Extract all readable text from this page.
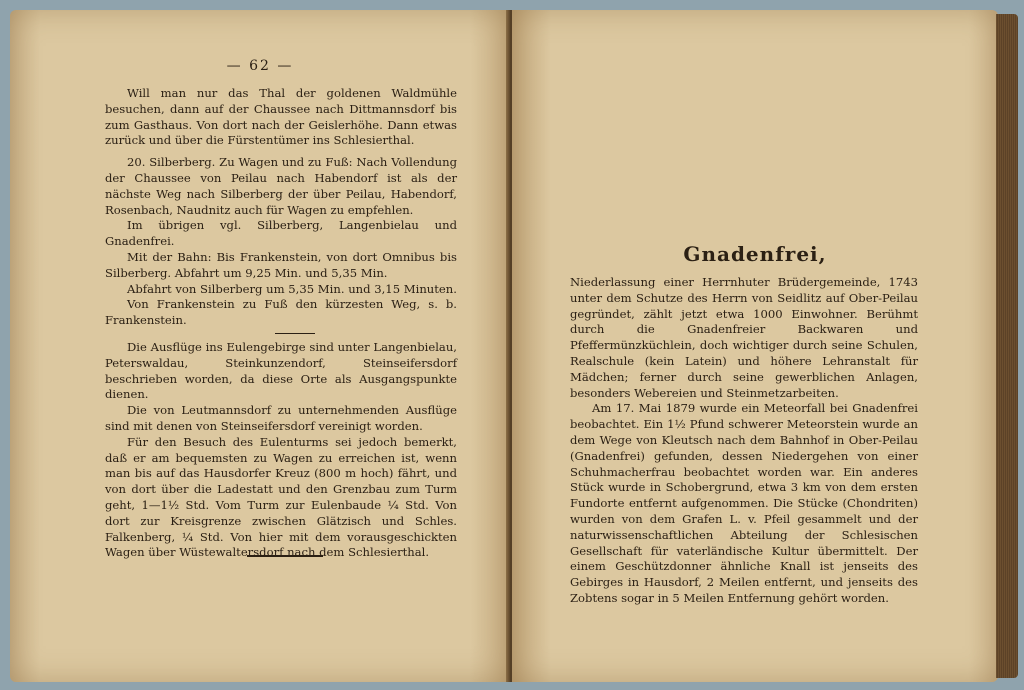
— 62 —

Will man nur das Thal der goldenen Waldmühle besuchen, dann auf der Chaussee nach Dittmannsdorf bis zum Gasthaus. Von dort nach der Geislerhöhe. Dann etwas zurück und über die Fürstentümer ins Schlesierthal.

20. Silberberg. Zu Wagen und zu Fuß: Nach Vollendung der Chaussee von Peilau nach Habendorf ist als der nächste Weg nach Silberberg der über Peilau, Habendorf, Rosenbach, Naudnitz auch für Wagen zu empfehlen.

Im übrigen vgl. Silberberg, Langenbielau und Gnadenfrei.

Mit der Bahn: Bis Frankenstein, von dort Omnibus bis Silberberg. Abfahrt um 9,25 Min. und 5,35 Min.

Abfahrt von Silberberg um 5,35 Min. und 3,15 Minuten.

Von Frankenstein zu Fuß den kürzesten Weg, s. b. Frankenstein.

Die Ausflüge ins Eulengebirge sind unter Langenbielau, Peterswaldau, Steinkunzendorf, Steinseifersdorf beschrieben worden, da diese Orte als Ausgangspunkte dienen.

Die von Leutmannsdorf zu unternehmenden Ausflüge sind mit denen von Steinseifersdorf vereinigt worden.

Für den Besuch des Eulenturms sei jedoch bemerkt, daß er am bequemsten zu Wagen zu erreichen ist, wenn man bis auf das Hausdorfer Kreuz (800 m hoch) fährt, und von dort über die Ladestatt und den Grenzbau zum Turm geht, 1—1½ Std. Vom Turm zur Eulenbaude ¼ Std. Von dort zur Kreisgrenze zwischen Glätzisch und Schles. Falkenberg, ¼ Std. Von hier mit dem vorausgeschickten Wagen über Wüstewaltersdorf nach dem Schlesierthal.

Gnadenfrei,

Niederlassung einer Herrnhuter Brüdergemeinde, 1743 unter dem Schutze des Herrn von Seidlitz auf Ober-Peilau gegründet, zählt jetzt etwa 1000 Einwohner. Berühmt durch die Gnadenfreier Backwaren und Pfeffermünzküchlein, doch wichtiger durch seine Schulen, Realschule (kein Latein) und höhere Lehranstalt für Mädchen; ferner durch seine gewerblichen Anlagen, besonders Webereien und Steinmetzarbeiten.

Am 17. Mai 1879 wurde ein Meteorfall bei Gnadenfrei beobachtet. Ein 1½ Pfund schwerer Meteorstein wurde an dem Wege von Kleutsch nach dem Bahnhof in Ober-Peilau (Gnadenfrei) gefunden, dessen Niedergehen von einer Schuhmacherfrau beobachtet worden war. Ein anderes Stück wurde in Schobergrund, etwa 3 km von dem ersten Fundorte entfernt aufgenommen. Die Stücke (Chondriten) wurden von dem Grafen L. v. Pfeil gesammelt und der naturwissenschaftlichen Abteilung der Schlesischen Gesellschaft für vaterländische Kultur übermittelt. Der einem Geschützdonner ähnliche Knall ist jenseits des Gebirges in Hausdorf, 2 Meilen entfernt, und jenseits des Zobtens sogar in 5 Meilen Entfernung gehört worden.
